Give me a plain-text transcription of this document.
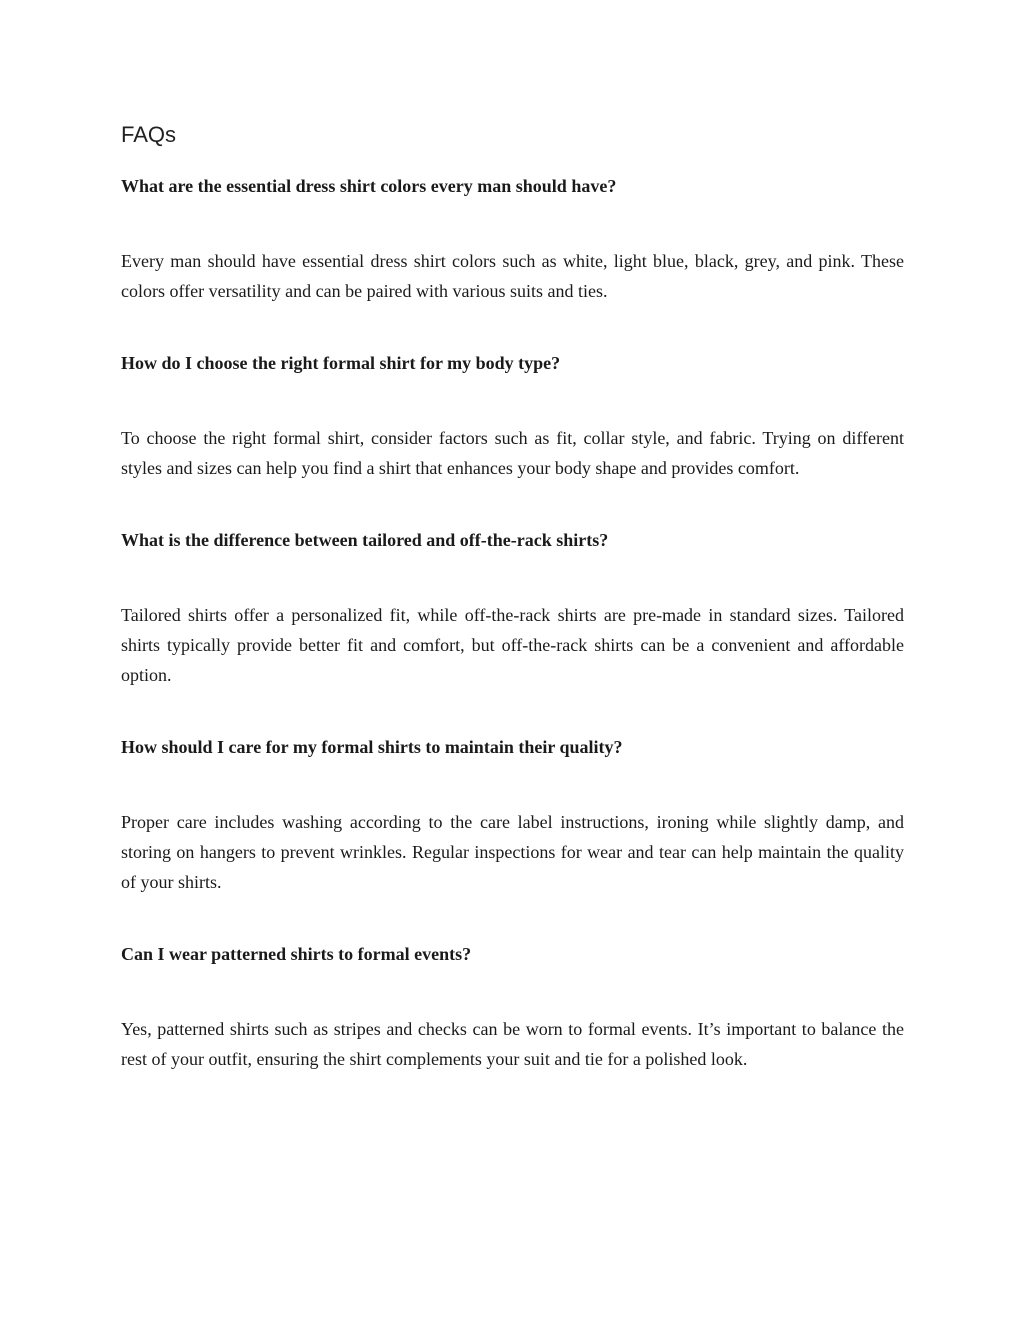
FAQs

What are the essential dress shirt colors every man should have?

Every man should have essential dress shirt colors such as white, light blue, black, grey, and pink. These colors offer versatility and can be paired with various suits and ties.

How do I choose the right formal shirt for my body type?

To choose the right formal shirt, consider factors such as fit, collar style, and fabric. Trying on different styles and sizes can help you find a shirt that enhances your body shape and provides comfort.

What is the difference between tailored and off-the-rack shirts?

Tailored shirts offer a personalized fit, while off-the-rack shirts are pre-made in standard sizes. Tailored shirts typically provide better fit and comfort, but off-the-rack shirts can be a convenient and affordable option.

How should I care for my formal shirts to maintain their quality?

Proper care includes washing according to the care label instructions, ironing while slightly damp, and storing on hangers to prevent wrinkles. Regular inspections for wear and tear can help maintain the quality of your shirts.

Can I wear patterned shirts to formal events?

Yes, patterned shirts such as stripes and checks can be worn to formal events. It’s important to balance the rest of your outfit, ensuring the shirt complements your suit and tie for a polished look.
